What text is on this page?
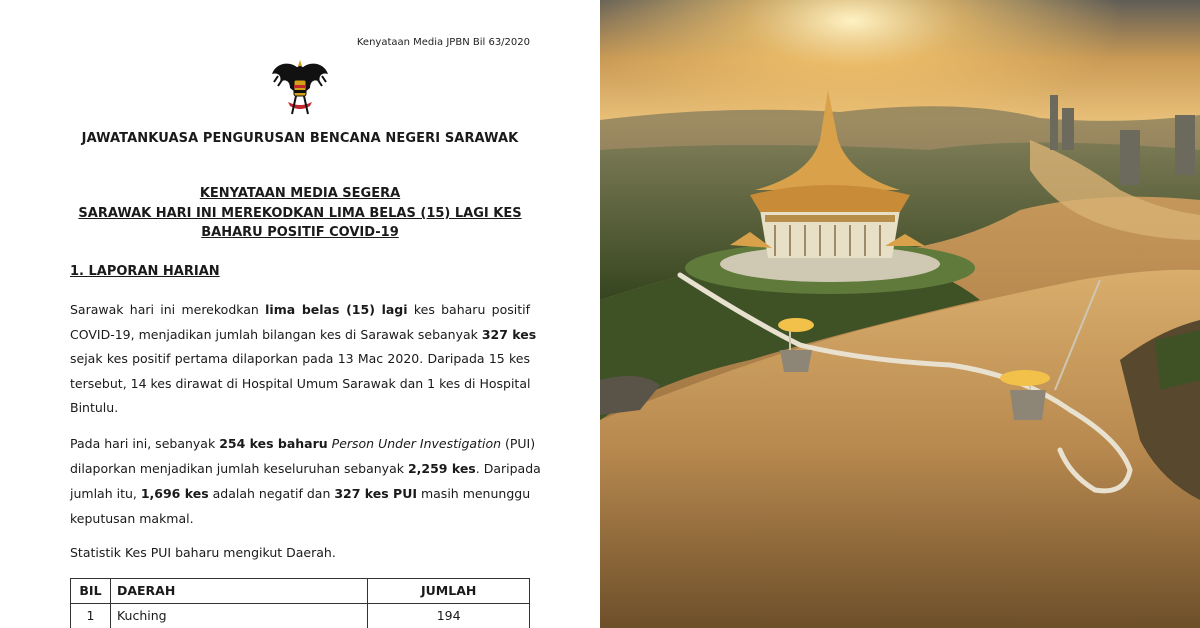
Kenyataan Media JPBN Bil 63/2020
JAWATANKUASA PENGURUSAN BENCANA NEGERI SARAWAK
KENYATAAN MEDIA SEGERA
SARAWAK HARI INI MEREKODKAN LIMA BELAS (15) LAGI KES
BAHARU POSITIF COVID-19
1. LAPORAN HARIAN
Sarawak hari ini merekodkan lima belas (15) lagi kes baharu positif
COVID-19, menjadikan jumlah bilangan kes di Sarawak sebanyak 327 kes
sejak kes positif pertama dilaporkan pada 13 Mac 2020. Daripada 15 kes
tersebut, 14 kes dirawat di Hospital Umum Sarawak dan 1 kes di Hospital
Bintulu.
Pada hari ini, sebanyak 254 kes baharu Person Under Investigation (PUI)
dilaporkan menjadikan jumlah keseluruhan sebanyak 2,259 kes. Daripada
jumlah itu, 1,696 kes adalah negatif dan 327 kes PUI masih menunggu
keputusan makmal.
Statistik Kes PUI baharu mengikut Daerah.
BIL	DAERAH	JUMLAH
1	Kuching	194
